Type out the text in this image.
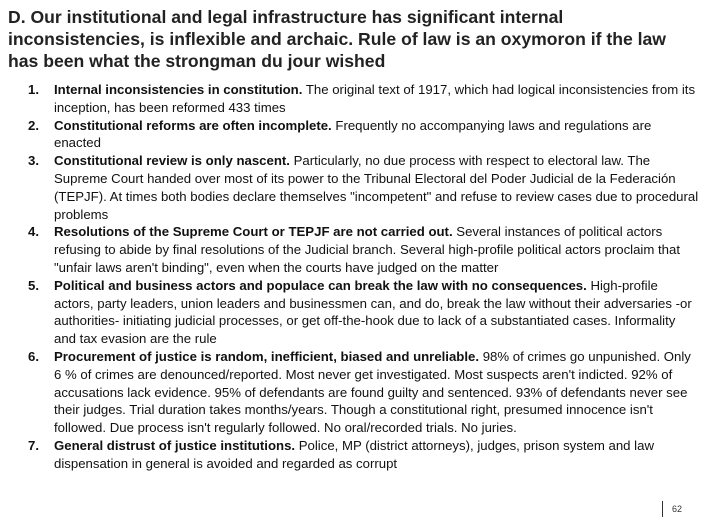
D. Our institutional and legal infrastructure has significant internal inconsistencies, is inflexible and archaic. Rule of law is an oxymoron if the law has been what the strongman du jour wished
1. Internal inconsistencies in constitution. The original text of 1917, which had logical inconsistencies from its inception, has been reformed 433 times
2. Constitutional reforms are often incomplete. Frequently no accompanying laws and regulations are enacted
3. Constitutional review is only nascent. Particularly, no due process with respect to electoral law. The Supreme Court handed over most of its power to the Tribunal Electoral del Poder Judicial de la Federación (TEPJF). At times both bodies declare themselves "incompetent" and refuse to review cases due to procedural problems
4. Resolutions of the Supreme Court or TEPJF are not carried out. Several instances of political actors refusing to abide by final resolutions of the Judicial branch. Several high-profile political actors proclaim that "unfair laws aren't binding", even when the courts have judged on the matter
5. Political and business actors and populace can break the law with no consequences. High-profile actors, party leaders, union leaders and businessmen can, and do, break the law without their adversaries -or authorities- initiating judicial processes, or get off-the-hook due to lack of a substantiated cases. Informality and tax evasion are the rule
6. Procurement of justice is random, inefficient, biased and unreliable. 98% of crimes go unpunished. Only 6 % of crimes are denounced/reported. Most never get investigated. Most suspects aren't indicted. 92% of accusations lack evidence. 95% of defendants are found guilty and sentenced. 93% of defendants never see their judges. Trial duration takes months/years. Though a constitutional right, presumed innocence isn't followed. Due process isn't regularly followed. No oral/recorded trials. No juries.
7. General distrust of justice institutions. Police, MP (district attorneys), judges, prison system and law dispensation in general is avoided and regarded as corrupt
62
